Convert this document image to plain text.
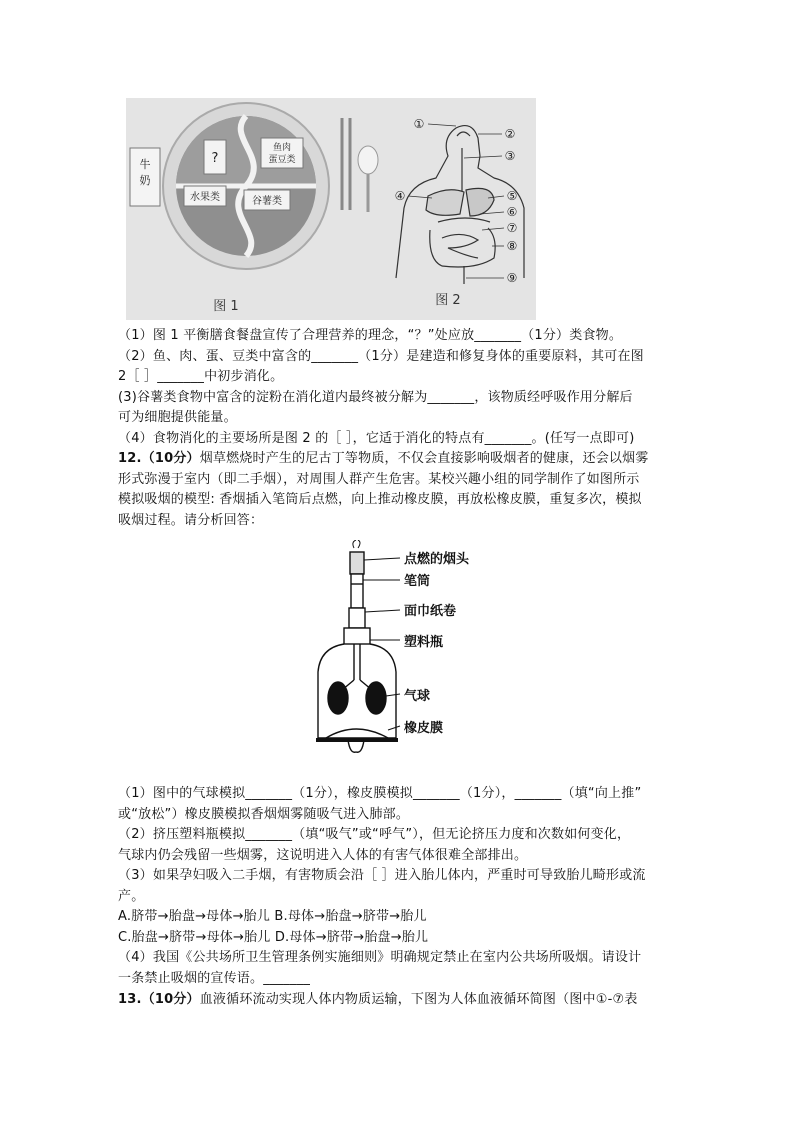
牛
奶
?
鱼肉
蛋豆类
水果类	谷薯类
图 1
①
②
③
④	⑤
⑥
⑦
⑧
⑨
图 2

（1）图 1 平衡膳食餐盘宣传了合理营养的理念，“？”处应放_______（1分）类食物。

（2）鱼、肉、蛋、豆类中富含的_______（1分）是建造和修复身体的重要原料，其可在图

2［ ］_______中初步消化。

(3)谷薯类食物中富含的淀粉在消化道内最终被分解为_______，该物质经呼吸作用分解后

可为细胞提供能量。

（4）食物消化的主要场所是图 2 的［ ］，它适于消化的特点有_______。(任写一点即可)

12.（10分）烟草燃烧时产生的尼古丁等物质，不仅会直接影响吸烟者的健康，还会以烟雾

形式弥漫于室内（即二手烟），对周围人群产生危害。某校兴趣小组的同学制作了如图所示

模拟吸烟的模型: 香烟插入笔筒后点燃，向上推动橡皮膜，再放松橡皮膜，重复多次，模拟

吸烟过程。请分析回答：

点燃的烟头
笔筒
面巾纸卷
塑料瓶
气球
橡皮膜

（1）图中的气球模拟_______（1分），橡皮膜模拟_______（1分），_______（填“向上推”

或“放松”）橡皮膜模拟香烟烟雾随吸气进入肺部。

（2）挤压塑料瓶模拟_______（填“吸气”或“呼气”），但无论挤压力度和次数如何变化，

气球内仍会残留一些烟雾，这说明进入人体的有害气体很难全部排出。

（3）如果孕妇吸入二手烟，有害物质会沿［ ］进入胎儿体内，严重时可导致胎儿畸形或流

产。

A.脐带→胎盘→母体→胎儿 B.母体→胎盘→脐带→胎儿

C.胎盘→脐带→母体→胎儿 D.母体→脐带→胎盘→胎儿

（4）我国《公共场所卫生管理条例实施细则》明确规定禁止在室内公共场所吸烟。请设计

一条禁止吸烟的宣传语。_______

13.（10分）血液循环流动实现人体内物质运输，下图为人体血液循环简图（图中①-⑦表
